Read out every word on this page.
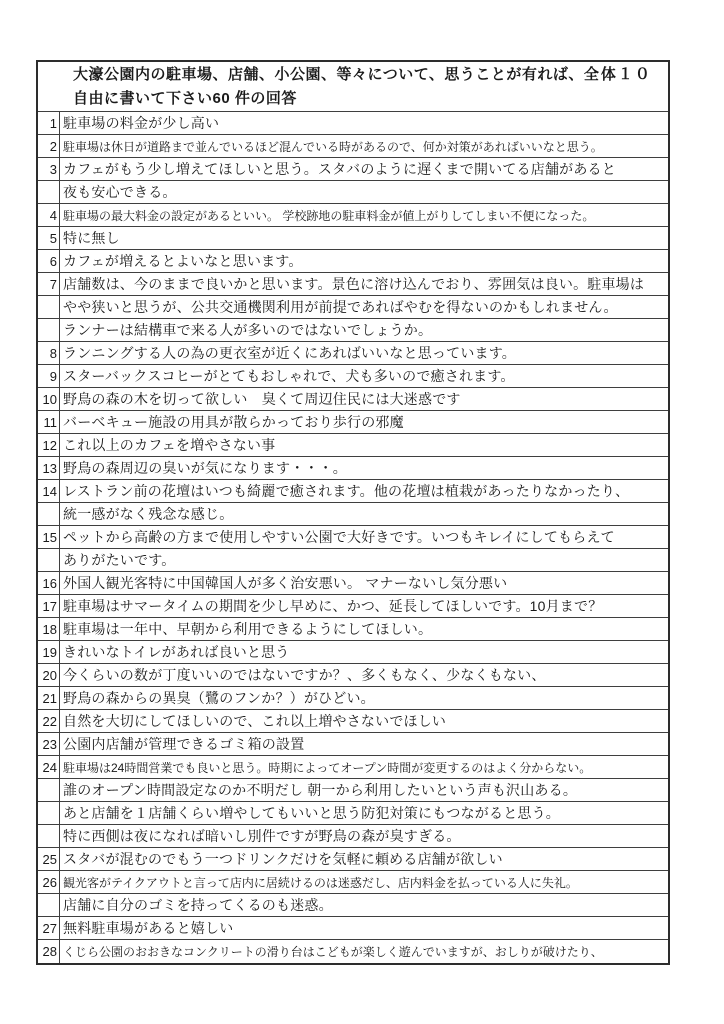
大濠公園内の駐車場、店舗、小公園、等々について、思うことが有れば、 全体１０
自由に書いて下さい60 件の回答
1 駐車場の料金が少し高い
2 駐車場は休日が道路まで並んでいるほど混んでいる時があるので、何か対策があればいいなと思う。
3 カフェがもう少し増えてほしいと思う。スタバのように遅くまで開いてる店舗があると
夜も安心できる。
4 駐車場の最大料金の設定があるといい。 学校跡地の駐車料金が値上がりしてしまい不便になった。
5 特に無し
6 カフェが増えるとよいなと思います。
7 店舗数は、今のままで良いかと思います。景色に溶け込んでおり、雰囲気は良い。駐車場は
やや狭いと思うが、公共交通機関利用が前提であればやむを得ないのかもしれません。
ランナーは結構車で来る人が多いのではないでしょうか。
8 ランニングする人の為の更衣室が近くにあればいいなと思っています。
9 スターバックスコヒーがとてもおしゃれで、犬も多いので癒されます。
10 野鳥の森の木を切って欲しい　臭くて周辺住民には大迷惑です
11 バーベキュー施設の用具が散らかっており歩行の邪魔
12 これ以上のカフェを増やさない事
13 野鳥の森周辺の臭いが気になります・・・。
14 レストラン前の花壇はいつも綺麗で癒されます。他の花壇は植栽があったりなかったり、
統一感がなく残念な感じ。
15 ペットから高齢の方まで使用しやすい公園で大好きです。いつもキレイにしてもらえて
ありがたいです。
16 外国人観光客特に中国韓国人が多く治安悪い。 マナーないし気分悪い
17 駐車場はサマータイムの期間を少し早めに、かつ、延長してほしいです。10月まで？
18 駐車場は一年中、早朝から利用できるようにしてほしい。
19 きれいなトイレがあれば良いと思う
20 今くらいの数が丁度いいのではないですか？、多くもなく、少なくもない、
21 野鳥の森からの異臭（鷺のフンか？）がひどい。
22 自然を大切にしてほしいので、これ以上増やさないでほしい
23 公園内店舗が管理できるゴミ箱の設置
24 駐車場は24時間営業でも良いと思う。時期によってオープン時間が変更するのはよく分からない。
誰のオープン時間設定なのか不明だし 朝一から利用したいという声も沢山ある。
あと店舗を１店舗くらい増やしてもいいと思う防犯対策にもつながると思う。
特に西側は夜になれば暗いし別件ですが野鳥の森が臭すぎる。
25 スタバが混むのでもう一つドリンクだけを気軽に頼める店舗が欲しい
26 観光客がテイクアウトと言って店内に居続けるのは迷惑だし、店内料金を払っている人に失礼。
店舗に自分のゴミを持ってくるのも迷惑。
27 無料駐車場があると嬉しい
28 くじら公園のおおきなコンクリートの滑り台はこどもが楽しく遊んでいますが、おしりが破けたり、
